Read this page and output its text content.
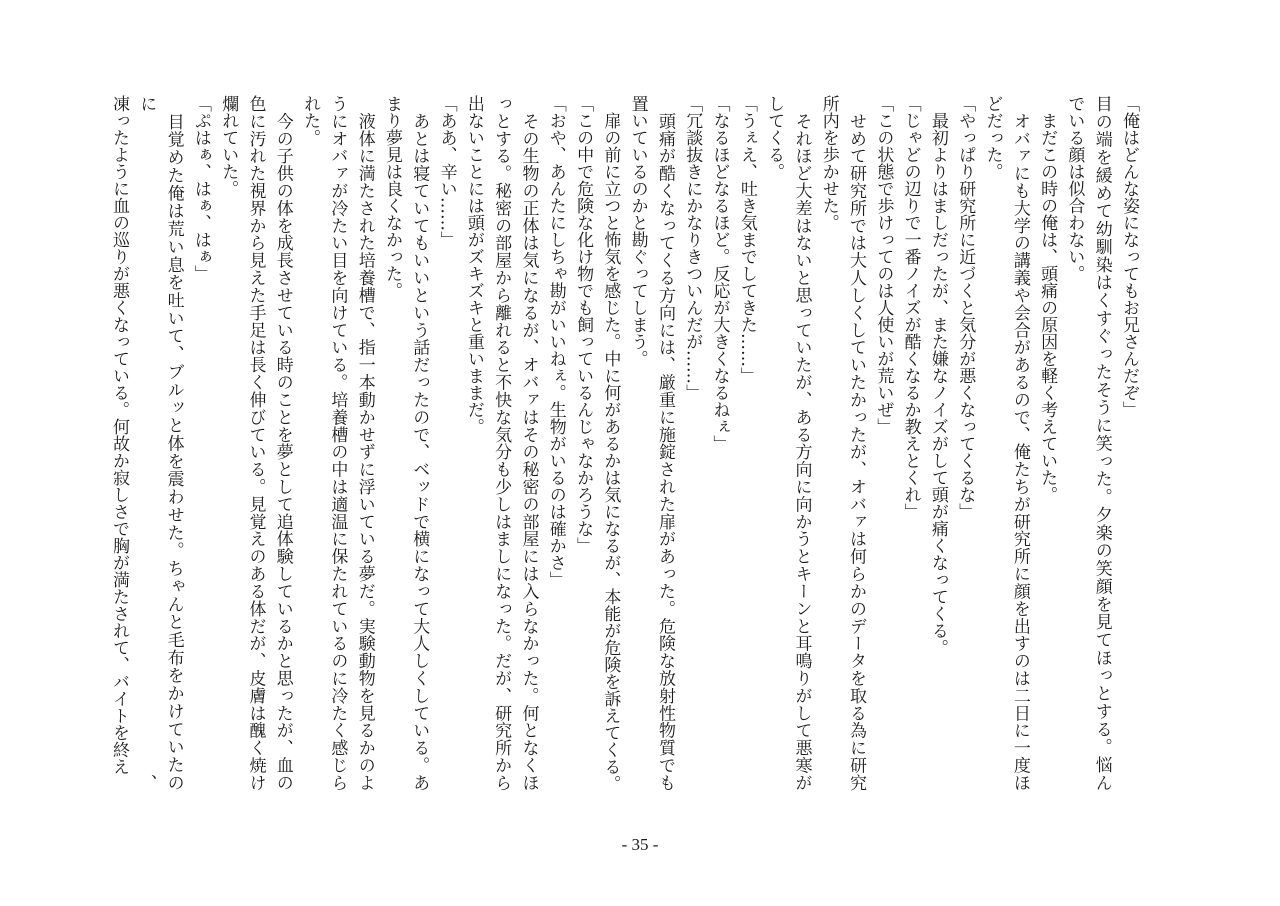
「俺はどんな姿になってもお兄さんだぞ」
目の端を緩めて幼馴染はくすぐったそうに笑った。夕楽の笑顔を見てほっとする。悩ん
でいる顔は似合わない。
　まだこの時の俺は、頭痛の原因を軽く考えていた。
　オバァにも大学の講義や会合があるので、俺たちが研究所に顔を出すのは二日に一度ほ
どだった。
「やっぱり研究所に近づくと気分が悪くなってくるな」
　最初よりはましだったが、また嫌なノイズがして頭が痛くなってくる。
「じゃどの辺りで一番ノイズが酷くなるか教えとくれ」
「この状態で歩けってのは人使いが荒いぜ」
　せめて研究所では大人しくしていたかったが、オバァは何らかのデータを取る為に研究
所内を歩かせた。
　それほど大差はないと思っていたが、ある方向に向かうとキーンと耳鳴りがして悪寒が
してくる。
「うぇえ、吐き気までしてきた……」
「なるほどなるほど。反応が大きくなるねぇ」
「冗談抜きにかなりきついんだが……」
　頭痛が酷くなってくる方向には、厳重に施錠された扉があった。危険な放射性物質でも
置いているのかと勘ぐってしまう。
　扉の前に立つと怖気を感じた。中に何があるかは気になるが、本能が危険を訴えてくる。
「この中で危険な化け物でも飼っているんじゃなかろうな」
「おや、あんたにしちゃ勘がいいねぇ。生物がいるのは確かさ」
　その生物の正体は気になるが、オバァはその秘密の部屋には入らなかった。何となくほ
っとする。秘密の部屋から離れると不快な気分も少しはましになった。だが、研究所から
出ないことには頭がズキズキと重いままだ。
「ああ、辛い……」
　あとは寝ていてもいいという話だったので、ベッドで横になって大人しくしている。あ
まり夢見は良くなかった。
　液体に満たされた培養槽で、指一本動かせずに浮いている夢だ。実験動物を見るかのよ
うにオバァが冷たい目を向けている。培養槽の中は適温に保たれているのに冷たく感じら
れた。
　今の子供の体を成長させている時のことを夢として追体験しているかと思ったが、血の
色に汚れた視界から見えた手足は長く伸びている。見覚えのある体だが、皮膚は醜く焼け
爛れていた。
「ぷはぁ、はぁ、はぁ」
　目覚めた俺は荒い息を吐いて、ブルッと体を震わせた。ちゃんと毛布をかけていたのに、
凍ったように血の巡りが悪くなっている。何故か寂しさで胸が満たされて、バイトを終え
- 35 -
